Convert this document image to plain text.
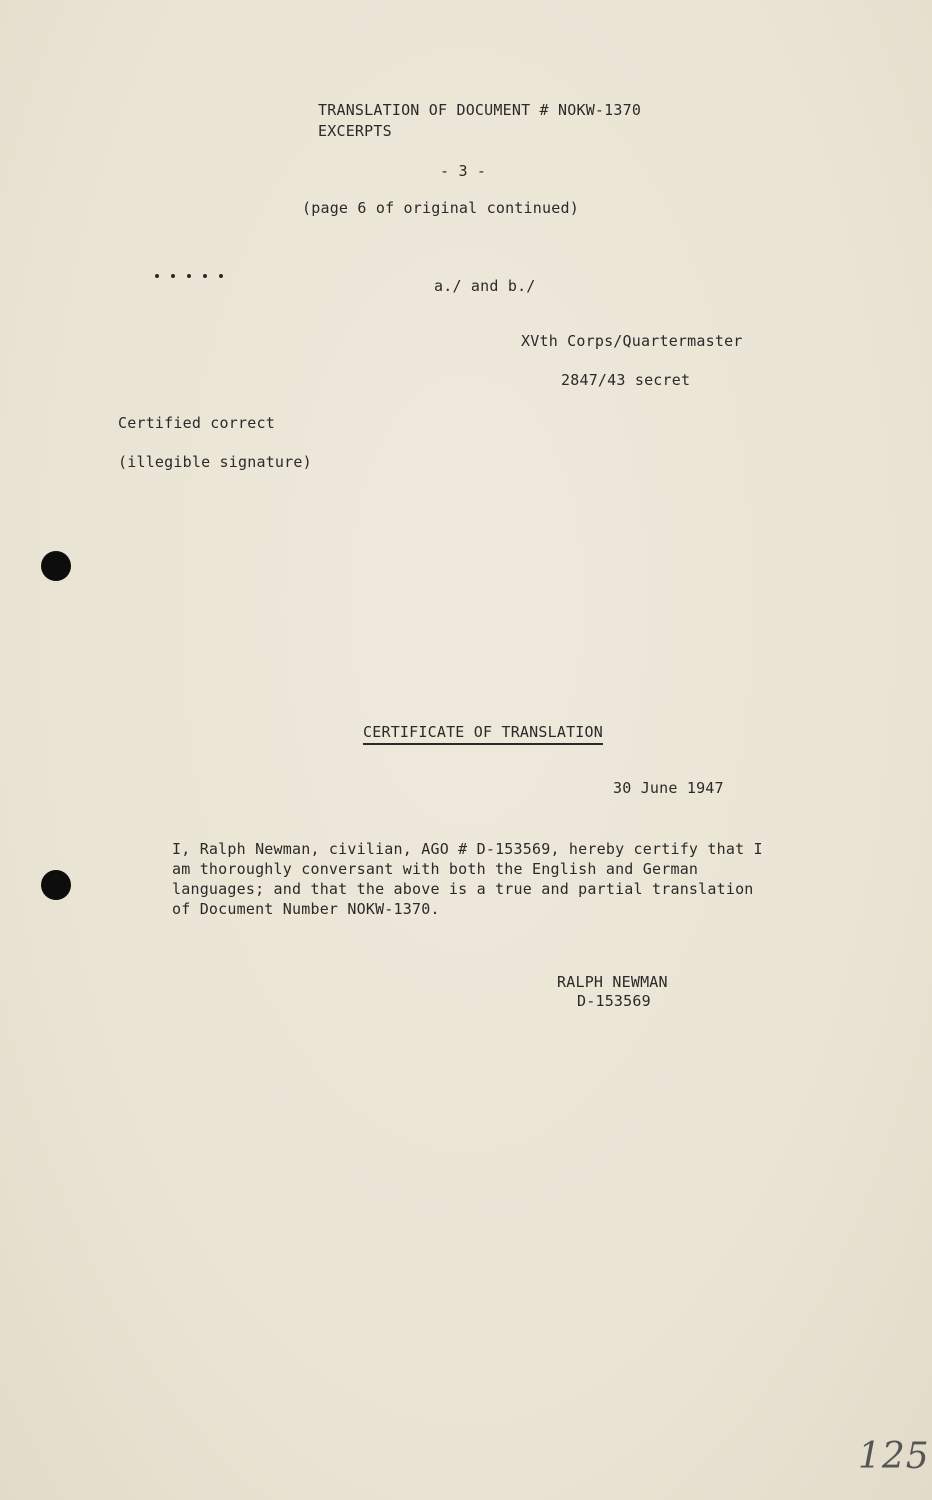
TRANSLATION OF DOCUMENT # NOKW-1370
EXCERPTS
- 3 -
(page 6 of original continued)

a./ and b./
XVth Corps/Quartermaster
2847/43 secret
Certified correct
(illegible signature)
CERTIFICATE OF TRANSLATION
30 June 1947
I, Ralph Newman, civilian, AGO # D-153569, hereby certify that I
am thoroughly conversant with both the English and German
languages; and that the above is a true and partial translation
of Document Number NOKW-1370.
RALPH NEWMAN
D-153569
125
